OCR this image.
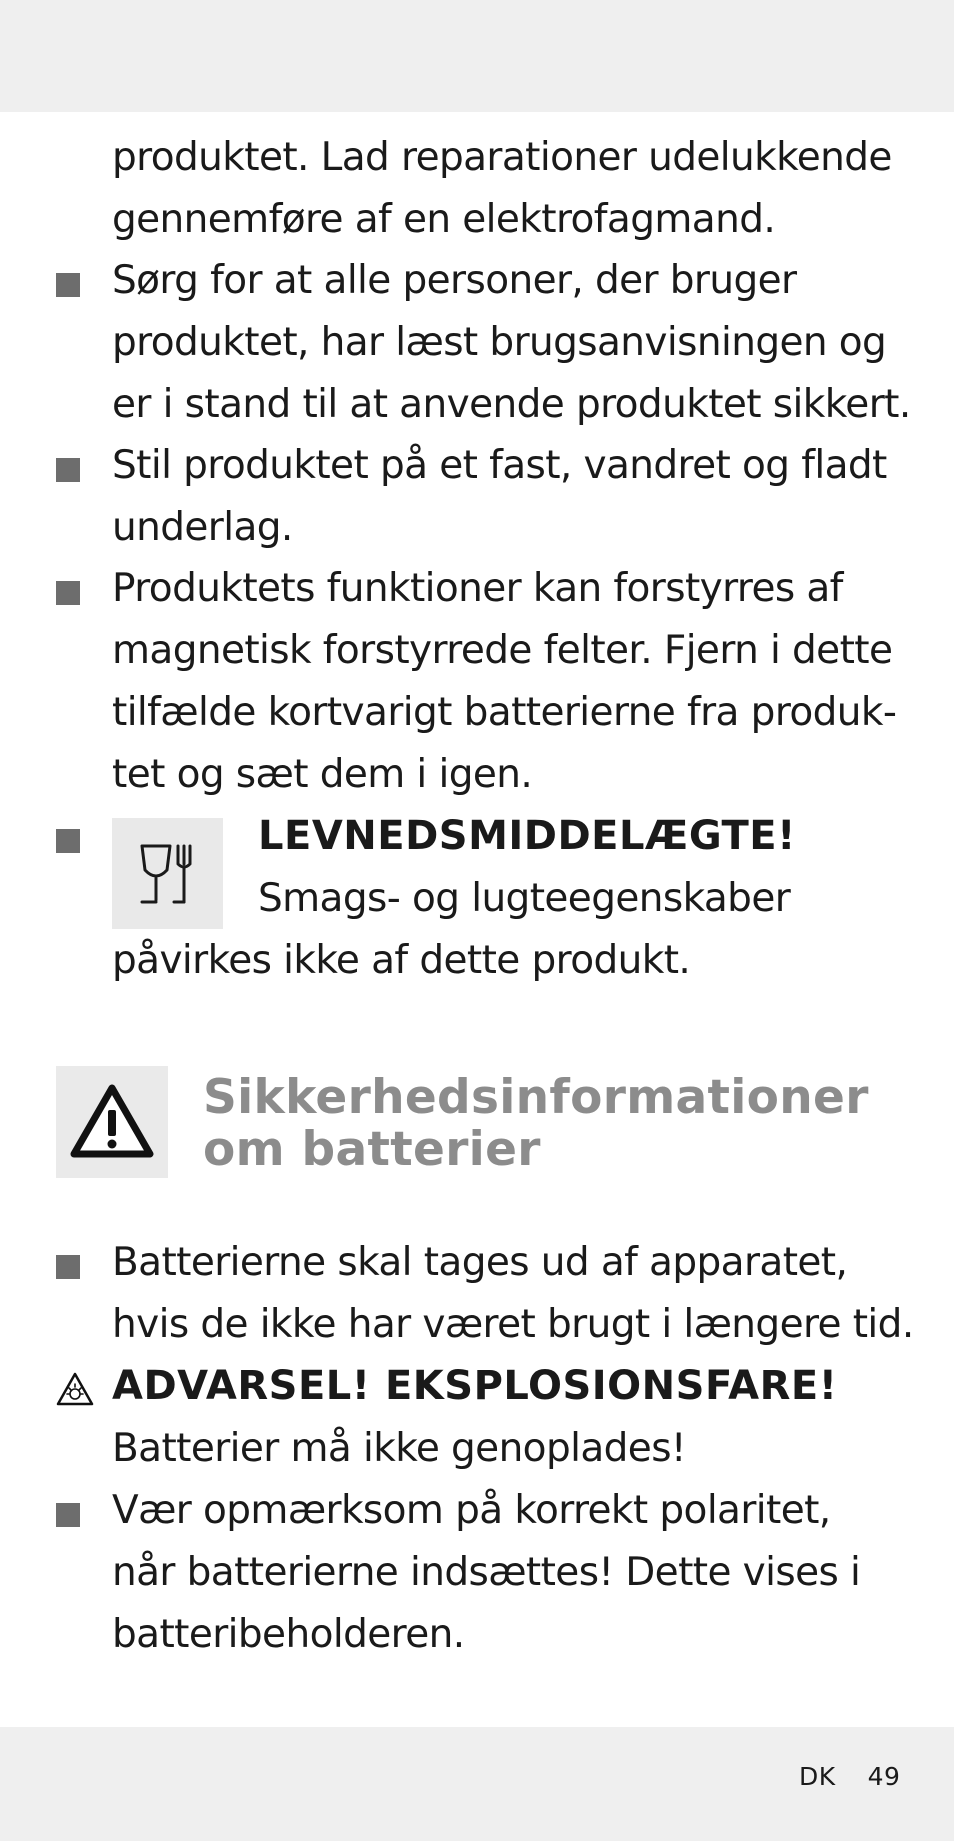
produktet. Lad reparationer udelukkende
gennemføre af en elektrofagmand.
Sørg for at alle personer, der bruger
produktet, har læst brugsanvisningen og
er i stand til at anvende produktet sikkert.
Stil produktet på et fast, vandret og fladt
underlag.
Produktets funktioner kan forstyrres af
magnetisk forstyrrede felter. Fjern i dette
tilfælde kortvarigt batterierne fra produk-
tet og sæt dem i igen.
LEVNEDSMIDDELÆGTE!
Smags- og lugteegenskaber
påvirkes ikke af dette produkt.
Sikkerhedsinformationer
om batterier
Batterierne skal tages ud af apparatet,
hvis de ikke har været brugt i længere tid.
ADVARSEL! EKSPLOSIONSFARE!
Batterier må ikke genoplades!
Vær opmærksom på korrekt polaritet,
når batterierne indsættes! Dette vises i
batteribeholderen.
DK 49
